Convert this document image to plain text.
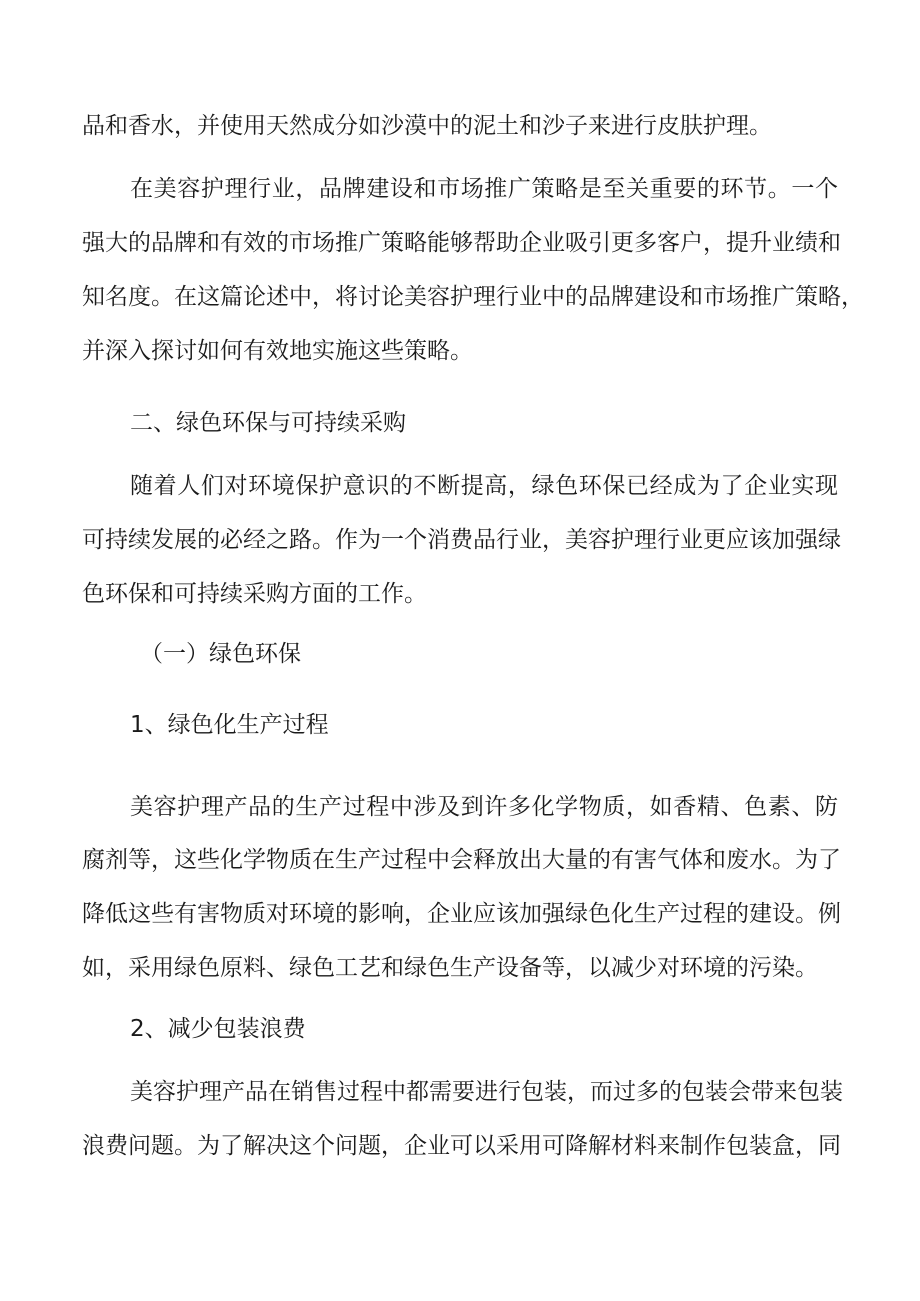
品和香水，并使用天然成分如沙漠中的泥土和沙子来进行皮肤护理。
在美容护理行业，品牌建设和市场推广策略是至关重要的环节。一个
强大的品牌和有效的市场推广策略能够帮助企业吸引更多客户，提升业绩和
知名度。在这篇论述中，将讨论美容护理行业中的品牌建设和市场推广策略，
并深入探讨如何有效地实施这些策略。
二、绿色环保与可持续采购
随着人们对环境保护意识的不断提高，绿色环保已经成为了企业实现
可持续发展的必经之路。作为一个消费品行业，美容护理行业更应该加强绿
色环保和可持续采购方面的工作。
（一）绿色环保
1、绿色化生产过程
美容护理产品的生产过程中涉及到许多化学物质，如香精、色素、防
腐剂等，这些化学物质在生产过程中会释放出大量的有害气体和废水。为了
降低这些有害物质对环境的影响，企业应该加强绿色化生产过程的建设。例
如，采用绿色原料、绿色工艺和绿色生产设备等，以减少对环境的污染。
2、减少包装浪费
美容护理产品在销售过程中都需要进行包装，而过多的包装会带来包装
浪费问题。为了解决这个问题，企业可以采用可降解材料来制作包装盒，同
